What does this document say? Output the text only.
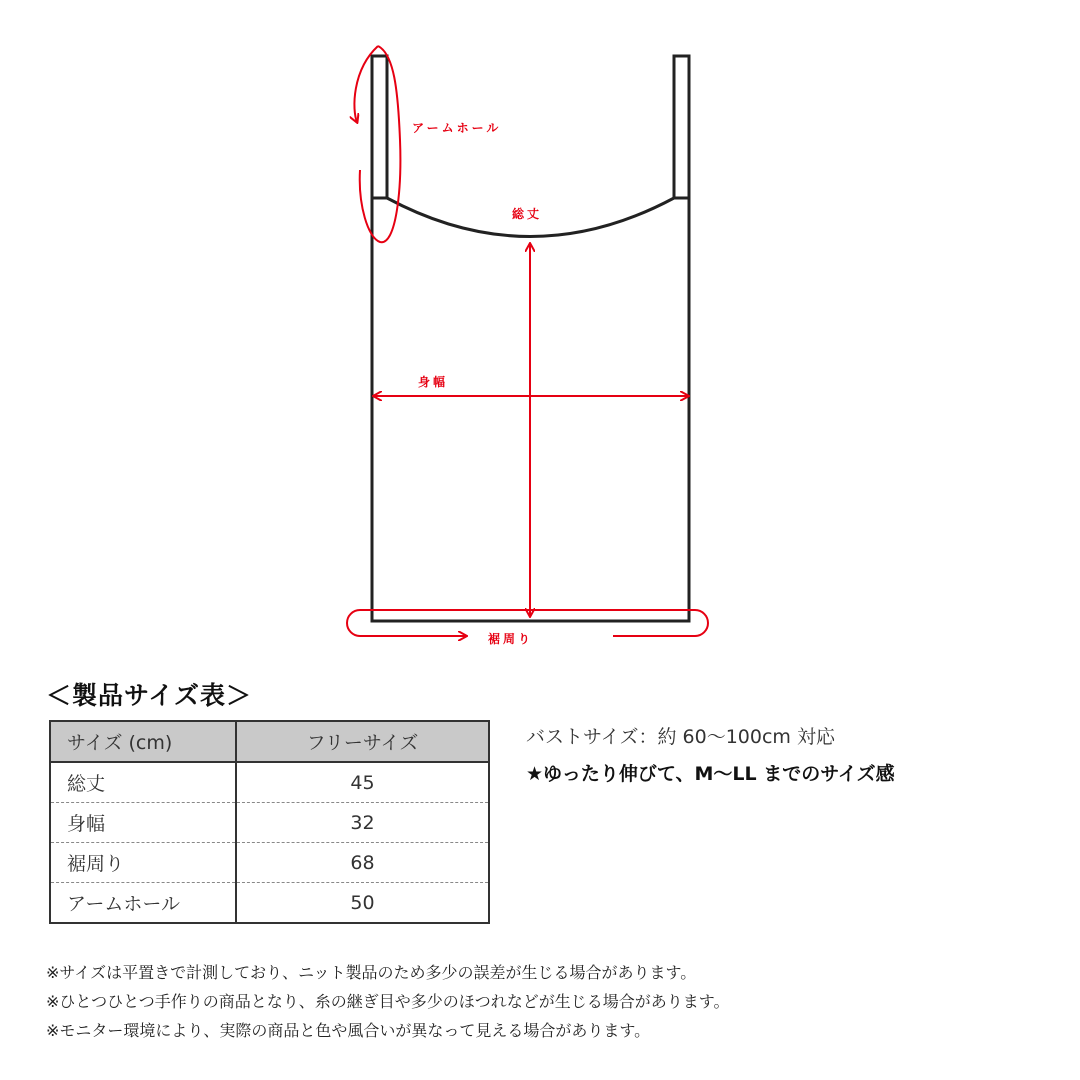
アームホール
総丈
身幅
裾周り
＜製品サイズ表＞
サイズ (cm)	フリーサイズ
総丈	45
身幅	32
裾周り	68
アームホール	50
バストサイズ：約 60～100cm 対応
★ゆったり伸びて、M～LL までのサイズ感
※サイズは平置きで計測しており、ニット製品のため多少の誤差が生じる場合があります。
※ひとつひとつ手作りの商品となり、糸の継ぎ目や多少のほつれなどが生じる場合があります。
※モニター環境により、実際の商品と色や風合いが異なって見える場合があります。
